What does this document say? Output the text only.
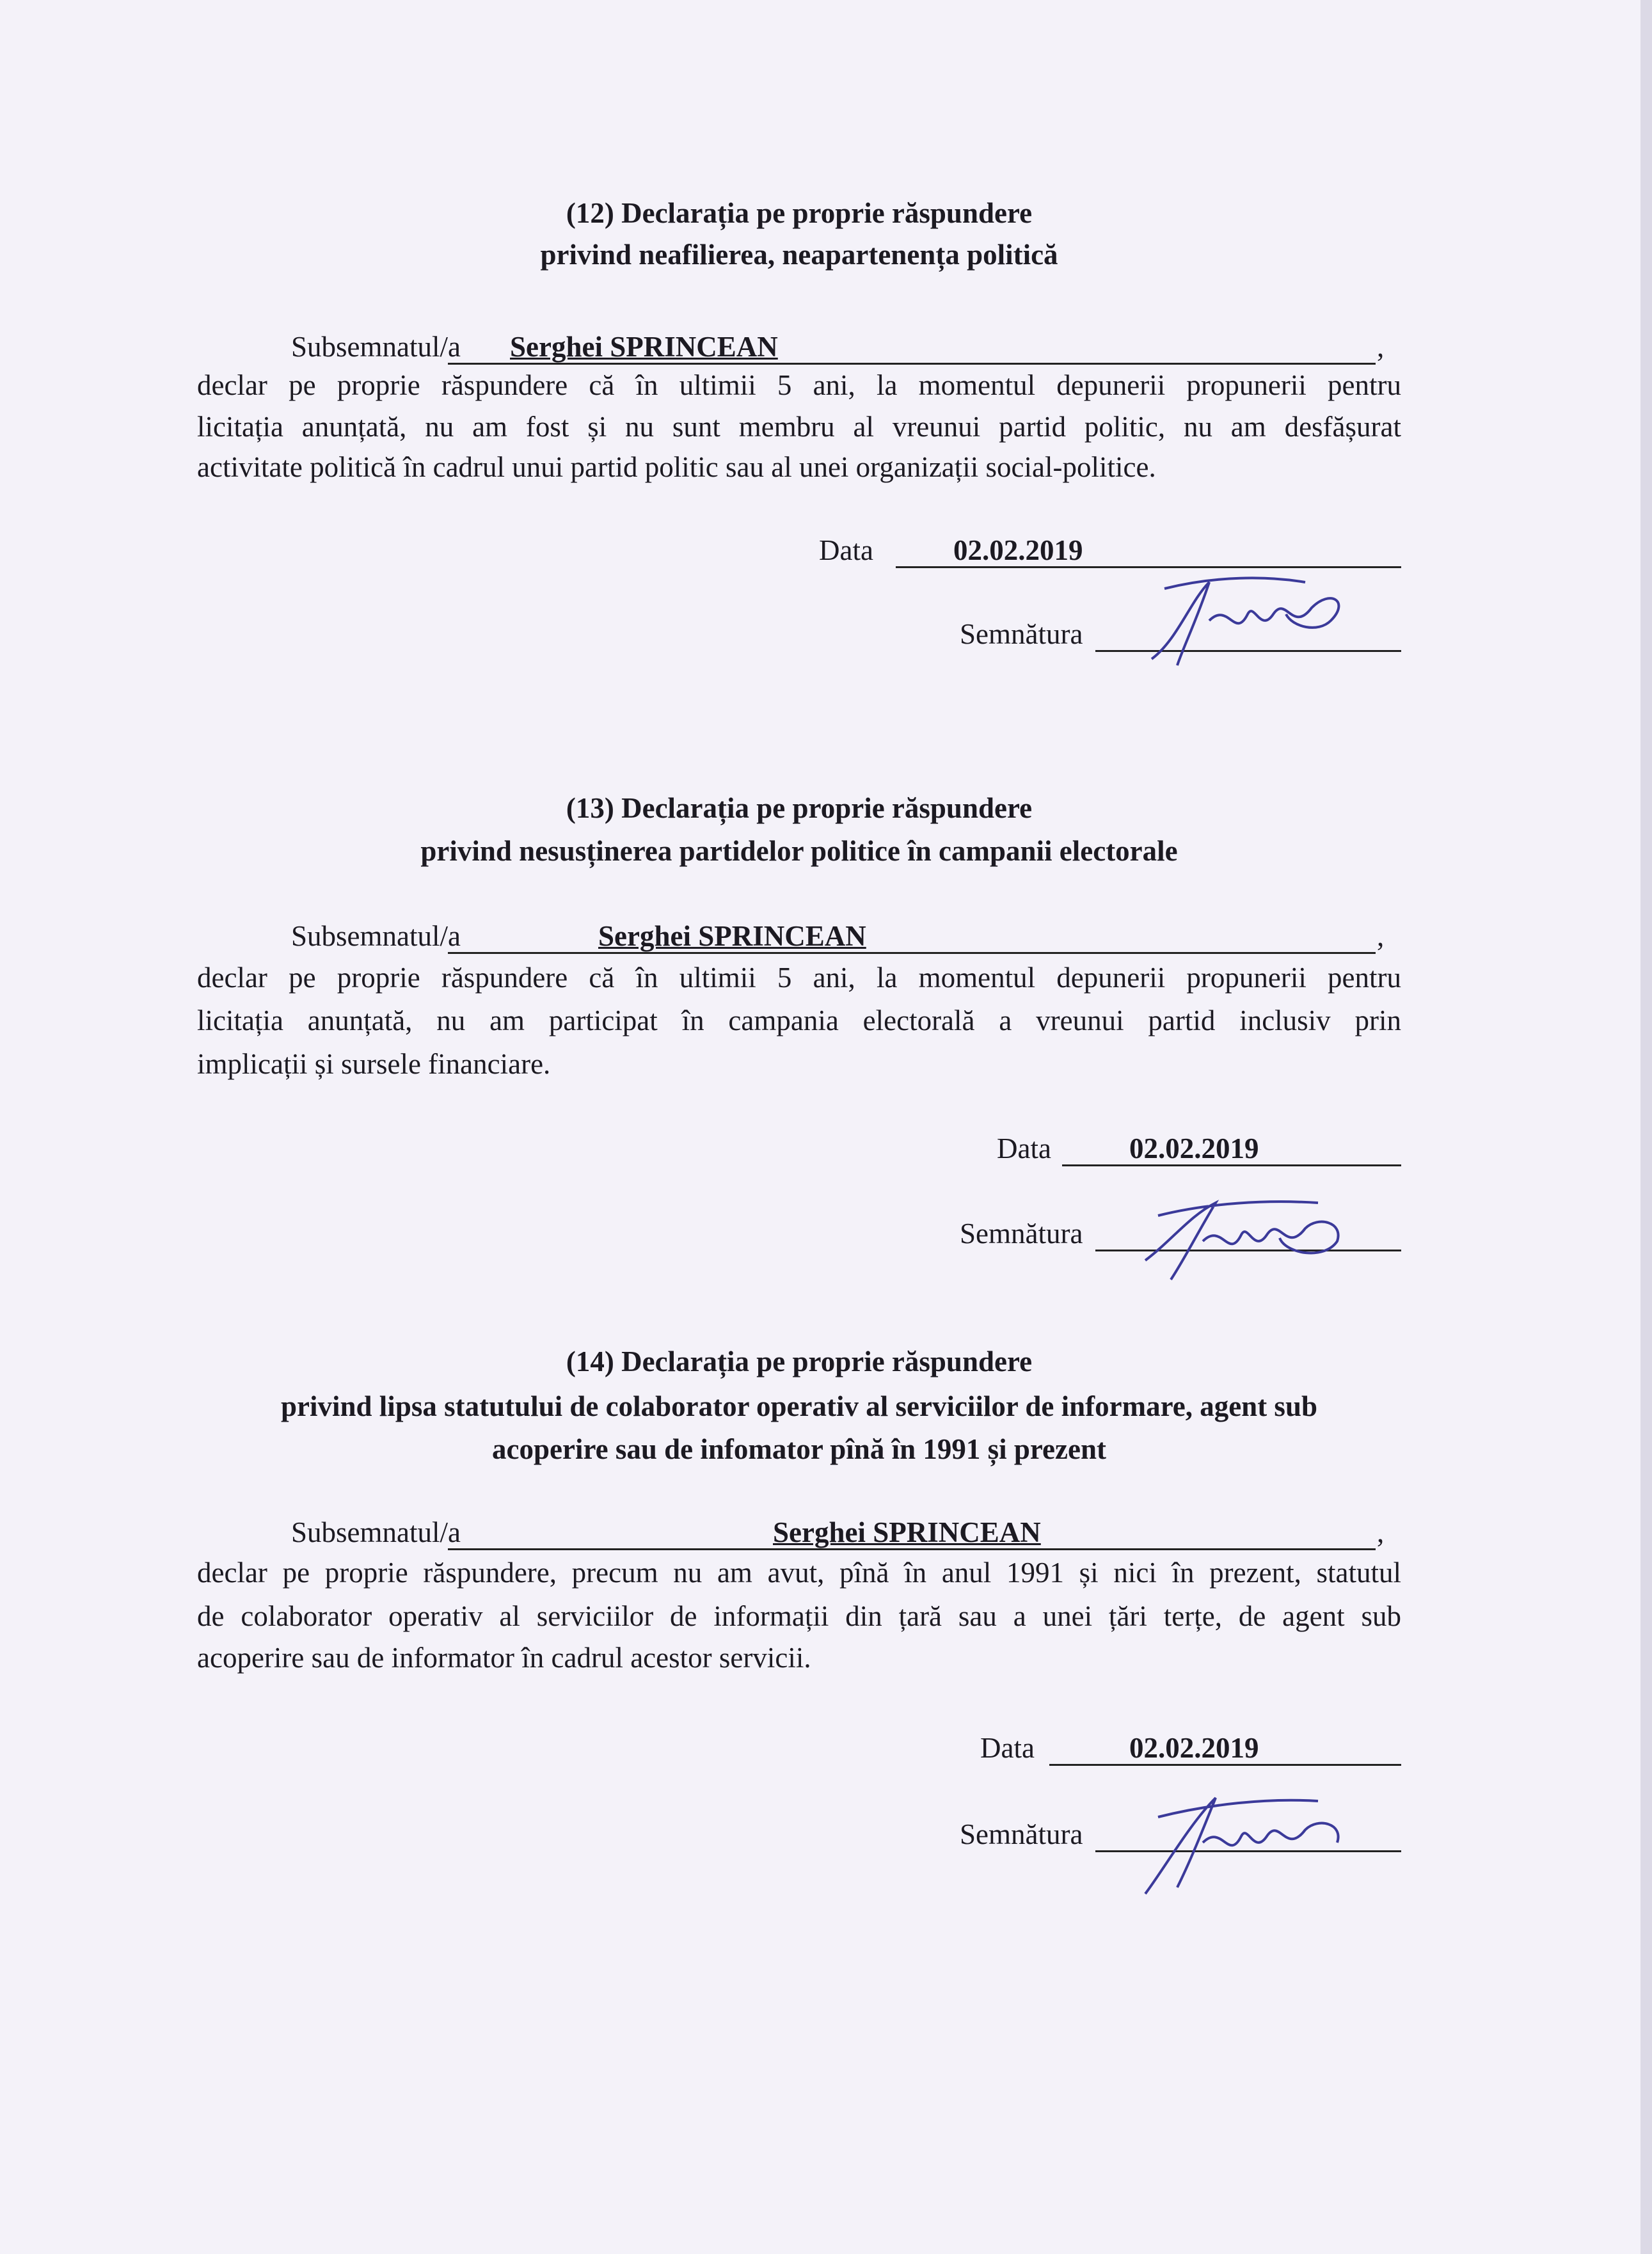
(12) Declarația pe proprie răspundere
privind neafilierea, neapartenența politică
Subsemnatul/a Serghei SPRINCEAN	,
declar pe proprie răspundere că în ultimii 5 ani, la momentul depunerii propunerii pentru
licitația anunțată, nu am fost și nu sunt membru al vreunui partid politic, nu am desfășurat
activitate politică în cadrul unui partid politic sau al unei organizații social-politice.
Data	02.02.2019
Semnătura
(13) Declarația pe proprie răspundere
privind nesusținerea partidelor politice în campanii electorale
Subsemnatul/a	Serghei SPRINCEAN	,
declar pe proprie răspundere că în ultimii 5 ani, la momentul depunerii propunerii pentru
licitația anunțată, nu am participat în campania electorală a vreunui partid inclusiv prin
implicații și sursele financiare.
Data	02.02.2019
Semnătura
(14) Declarația pe proprie răspundere
privind lipsa statutului de colaborator operativ al serviciilor de informare, agent sub
acoperire sau de infomator pînă în 1991 și prezent
Subsemnatul/a	Serghei SPRINCEAN	,
declar pe proprie răspundere, precum nu am avut, pînă în anul 1991 și nici în prezent, statutul
de colaborator operativ al serviciilor de informații din țară sau a unei țări terțe, de agent sub
acoperire sau de informator în cadrul acestor servicii.
Data	02.02.2019
Semnătura
